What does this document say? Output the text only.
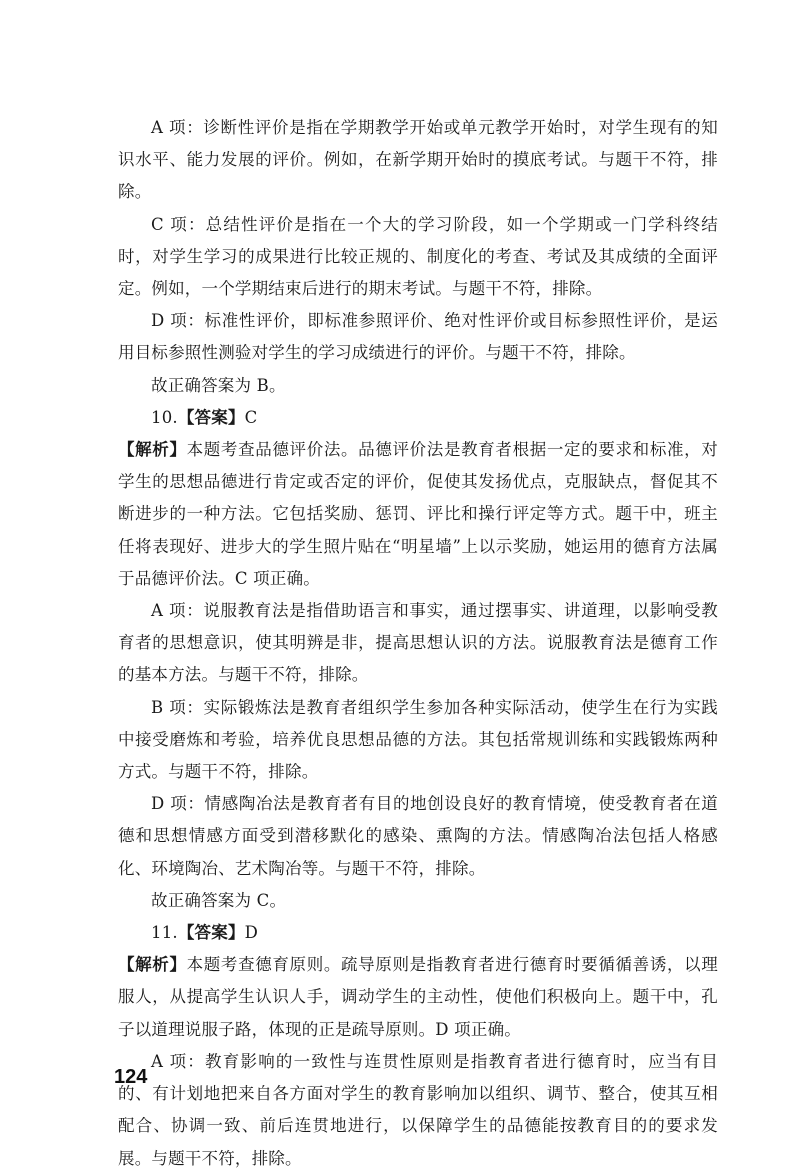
A 项：诊断性评价是指在学期教学开始或单元教学开始时，对学生现有的知识水平、能力发展的评价。例如，在新学期开始时的摸底考试。与题干不符，排除。

C 项：总结性评价是指在一个大的学习阶段，如一个学期或一门学科终结时，对学生学习的成果进行比较正规的、制度化的考查、考试及其成绩的全面评定。例如，一个学期结束后进行的期末考试。与题干不符，排除。

D 项：标准性评价，即标准参照评价、绝对性评价或目标参照性评价，是运用目标参照性测验对学生的学习成绩进行的评价。与题干不符，排除。

故正确答案为 B。

10.【答案】C

【解析】本题考查品德评价法。品德评价法是教育者根据一定的要求和标准，对学生的思想品德进行肯定或否定的评价，促使其发扬优点，克服缺点，督促其不断进步的一种方法。它包括奖励、惩罚、评比和操行评定等方式。题干中，班主任将表现好、进步大的学生照片贴在“明星墙”上以示奖励，她运用的德育方法属于品德评价法。C 项正确。

A 项：说服教育法是指借助语言和事实，通过摆事实、讲道理，以影响受教育者的思想意识，使其明辨是非，提高思想认识的方法。说服教育法是德育工作的基本方法。与题干不符，排除。

B 项：实际锻炼法是教育者组织学生参加各种实际活动，使学生在行为实践中接受磨炼和考验，培养优良思想品德的方法。其包括常规训练和实践锻炼两种方式。与题干不符，排除。

D 项：情感陶冶法是教育者有目的地创设良好的教育情境，使受教育者在道德和思想情感方面受到潜移默化的感染、熏陶的方法。情感陶冶法包括人格感化、环境陶冶、艺术陶冶等。与题干不符，排除。

故正确答案为 C。

11.【答案】D

【解析】本题考查德育原则。疏导原则是指教育者进行德育时要循循善诱，以理服人，从提高学生认识人手，调动学生的主动性，使他们积极向上。题干中，孔子以道理说服子路，体现的正是疏导原则。D 项正确。

A 项：教育影响的一致性与连贯性原则是指教育者进行德育时，应当有目的、有计划地把来自各方面对学生的教育影响加以组织、调节、整合，使其互相配合、协调一致、前后连贯地进行，以保障学生的品德能按教育目的的要求发展。与题干不符，排除。

124
